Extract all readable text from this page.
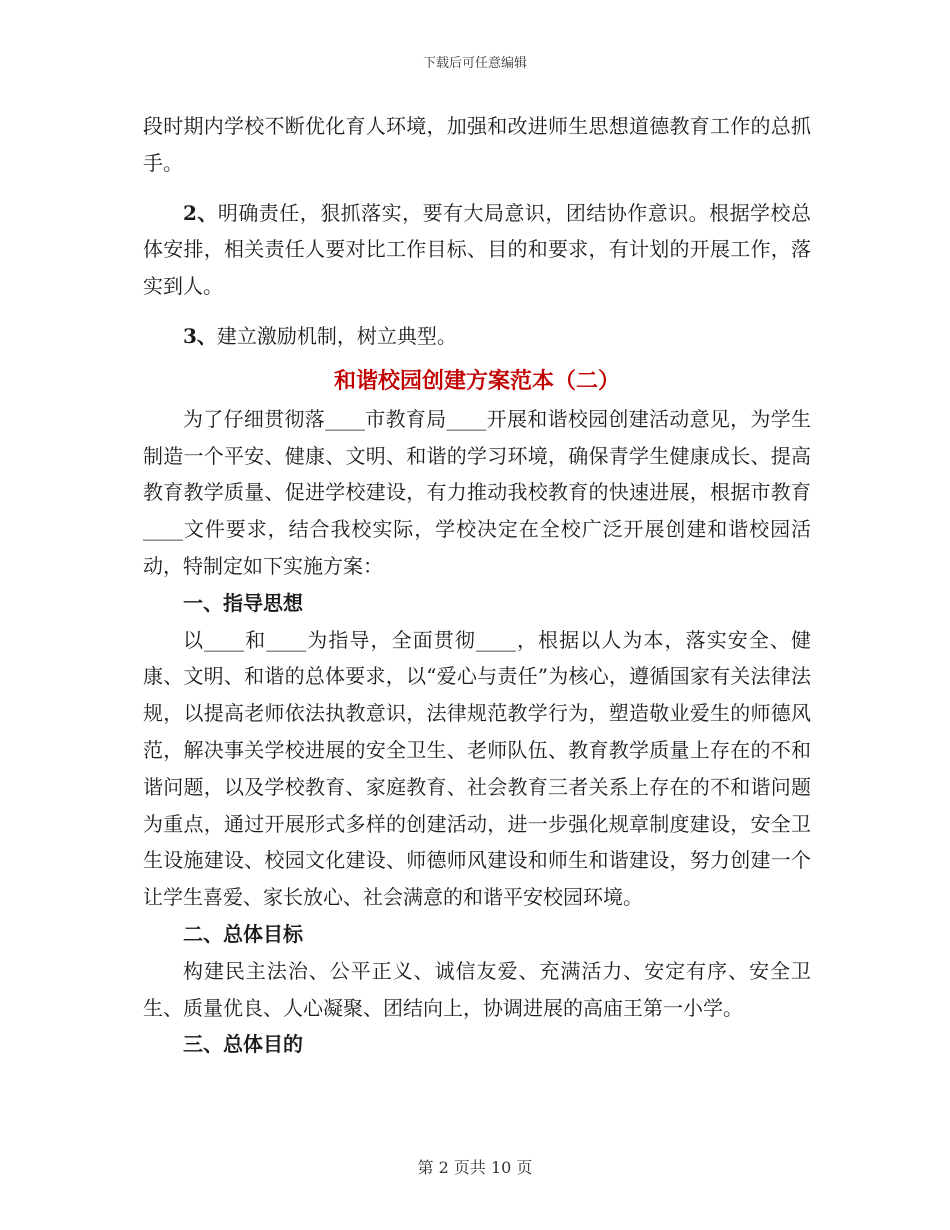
下载后可任意编辑

段时期内学校不断优化育人环境，加强和改进师生思想道德教育工作的总抓手。

2、明确责任，狠抓落实，要有大局意识，团结协作意识。根据学校总体安排，相关责任人要对比工作目标、目的和要求，有计划的开展工作，落实到人。

3、建立激励机制，树立典型。

和谐校园创建方案范本（二）

为了仔细贯彻落____市教育局____开展和谐校园创建活动意见，为学生制造一个平安、健康、文明、和谐的学习环境，确保青学生健康成长、提高教育教学质量、促进学校建设，有力推动我校教育的快速进展，根据市教育____文件要求，结合我校实际，学校决定在全校广泛开展创建和谐校园活动，特制定如下实施方案：

一、指导思想

以____和____为指导，全面贯彻____，根据以人为本，落实安全、健康、文明、和谐的总体要求，以“爱心与责任”为核心，遵循国家有关法律法规，以提高老师依法执教意识，法律规范教学行为，塑造敬业爱生的师德风范，解决事关学校进展的安全卫生、老师队伍、教育教学质量上存在的不和谐问题，以及学校教育、家庭教育、社会教育三者关系上存在的不和谐问题为重点，通过开展形式多样的创建活动，进一步强化规章制度建设，安全卫生设施建设、校园文化建设、师德师风建设和师生和谐建设，努力创建一个让学生喜爱、家长放心、社会满意的和谐平安校园环境。

二、总体目标

构建民主法治、公平正义、诚信友爱、充满活力、安定有序、安全卫生、质量优良、人心凝聚、团结向上，协调进展的高庙王第一小学。

三、总体目的

第 2 页共 10 页
